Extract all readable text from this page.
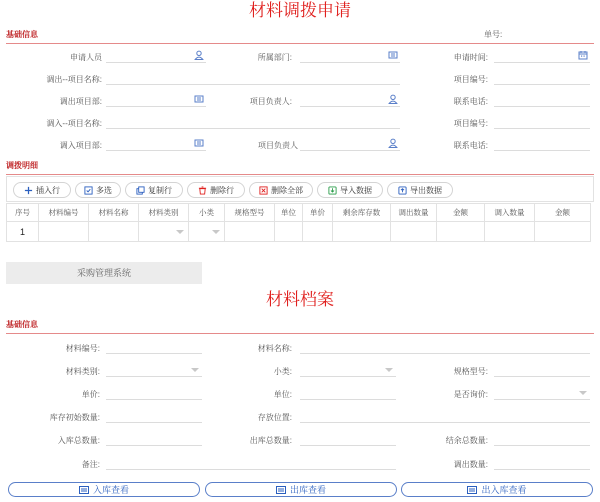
材料调拨申请
基础信息	单号:
申请人员	所属部门:	申请时间:
调出--项目名称:	项目编号:
调出项目部:	项目负责人:	联系电话:
调入--项目名称:	项目编号:
调入项目部:	项目负责人	联系电话:
调拨明细
插入行	多选	复制行	删除行	删除全部	导入数据	导出数据
序号	材料编号	材料名称	材料类别	小类	规格型号	单位	单价	剩余库存数	调出数量	金额	调入数量	金额
1			

采购管理系统
材料档案
基础信息
材料编号:	材料名称:
材料类别:	小类:	规格型号:
单价:	单位:	是否询价:
库存初始数量:	存放位置:
入库总数量:	出库总数量:	结余总数量:
备注:	调出数量:
入库查看	出库查看	出入库查看
